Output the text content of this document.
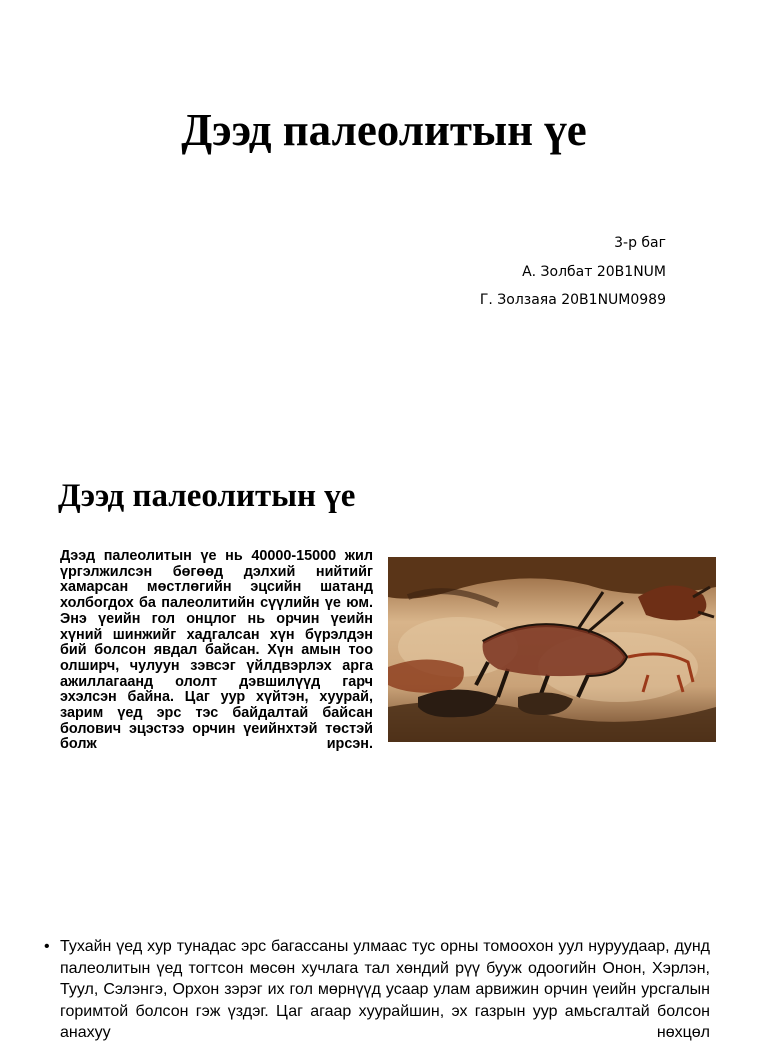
Дээд палеолитын үе
3-р баг
А. Золбат 20B1NUM
Г. Золзаяа 20B1NUM0989
Дээд палеолитын үе

Дээд палеолитын үе нь 40000-15000 жил үргэлжилсэн бөгөөд дэлхий нийтийг хамарсан мөстлөгийн эцсийн шатанд холбогдох ба палеолитийн сүүлийн үе юм. Энэ үеийн гол онцлог нь орчин үеийн хүний шинжийг хадгалсан хүн бүрэлдэн бий болсон явдал байсан. Хүн амын тоо олширч, чулуун зэвсэг үйлдвэрлэх арга ажиллагаанд ололт дэвшилүүд гарч эхэлсэн байна. Цаг уур хүйтэн, хуурай, зарим үед эрс тэс байдалтай байсан болович эцэстээ орчин үеийнхтэй төстэй болж ирсэн.

• Тухайн үед хур тунадас эрс багассаны улмаас тус орны томоохон уул нуруудаар, дунд палеолитын үед тогтсон мөсөн хучлага тал хөндий рүү бууж одоогийн Онон, Хэрлэн, Туул, Сэлэнгэ, Орхон зэрэг их гол мөрнүүд усаар улам арвижин орчин үеийн урсгалын горимтой болсон гэж үздэг. Цаг агаар хуурайшин, эх газрын уур амьсгалтай болсон анахуу нөхцөл
